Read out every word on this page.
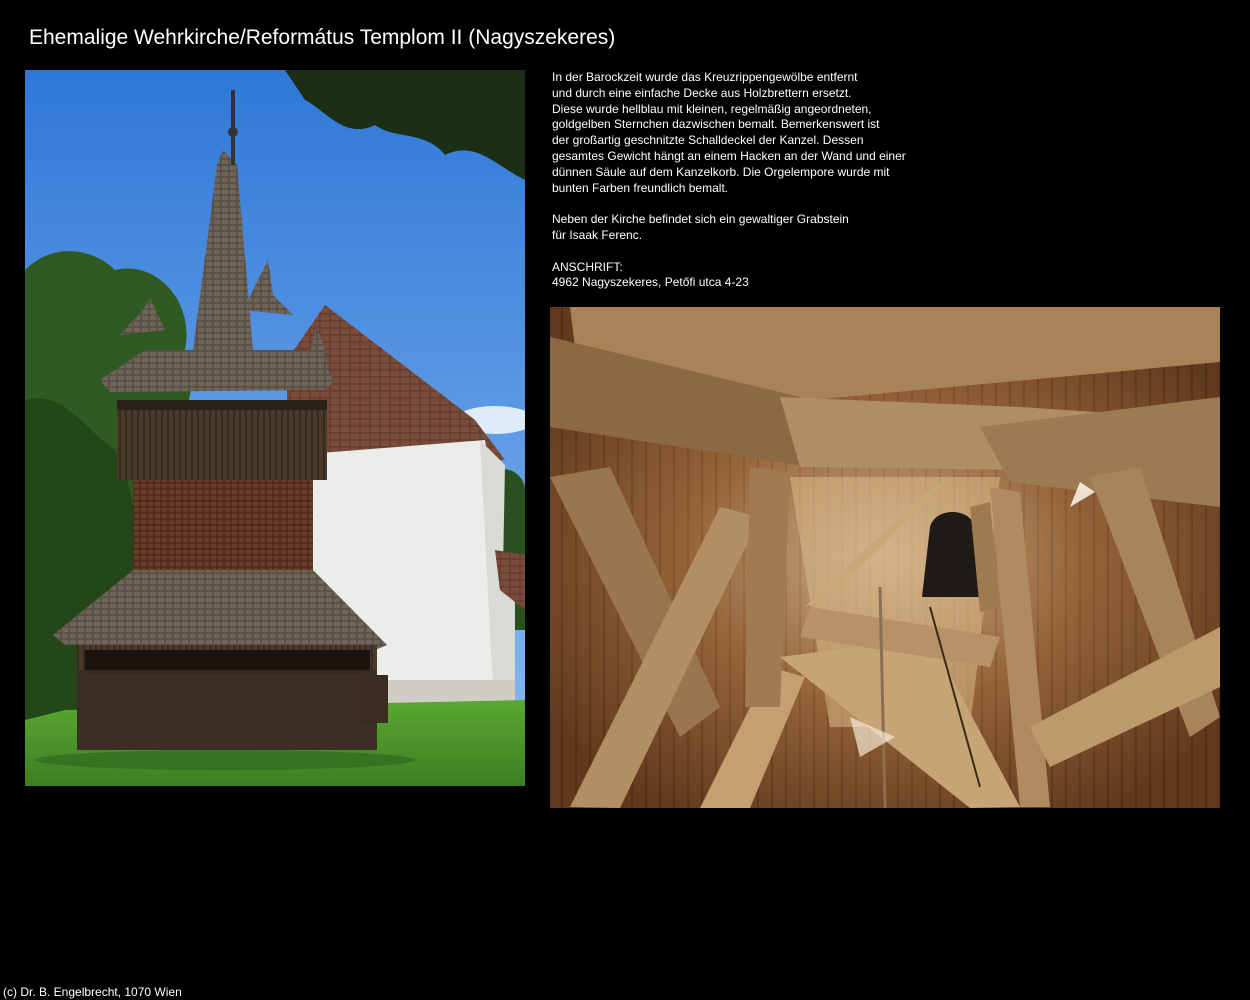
Ehemalige Wehrkirche/Református Templom II (Nagyszekeres)

In der Barockzeit wurde das Kreuzrippengewölbe entfernt

und durch eine einfache Decke aus Holzbrettern ersetzt.

Diese wurde hellblau mit kleinen, regelmäßig angeordneten,

goldgelben Sternchen dazwischen bemalt. Bemerkenswert ist

der großartig geschnitzte Schalldeckel der Kanzel. Dessen

gesamtes Gewicht hängt an einem Hacken an der Wand und einer

dünnen Säule auf dem Kanzelkorb. Die Orgelempore wurde mit

bunten Farben freundlich bemalt.

Neben der Kirche befindet sich ein gewaltiger Grabstein

für Isaak Ferenc.

ANSCHRIFT:

4962 Nagyszekeres, Petőfi utca 4-23

(c) Dr. B. Engelbrecht, 1070 Wien
